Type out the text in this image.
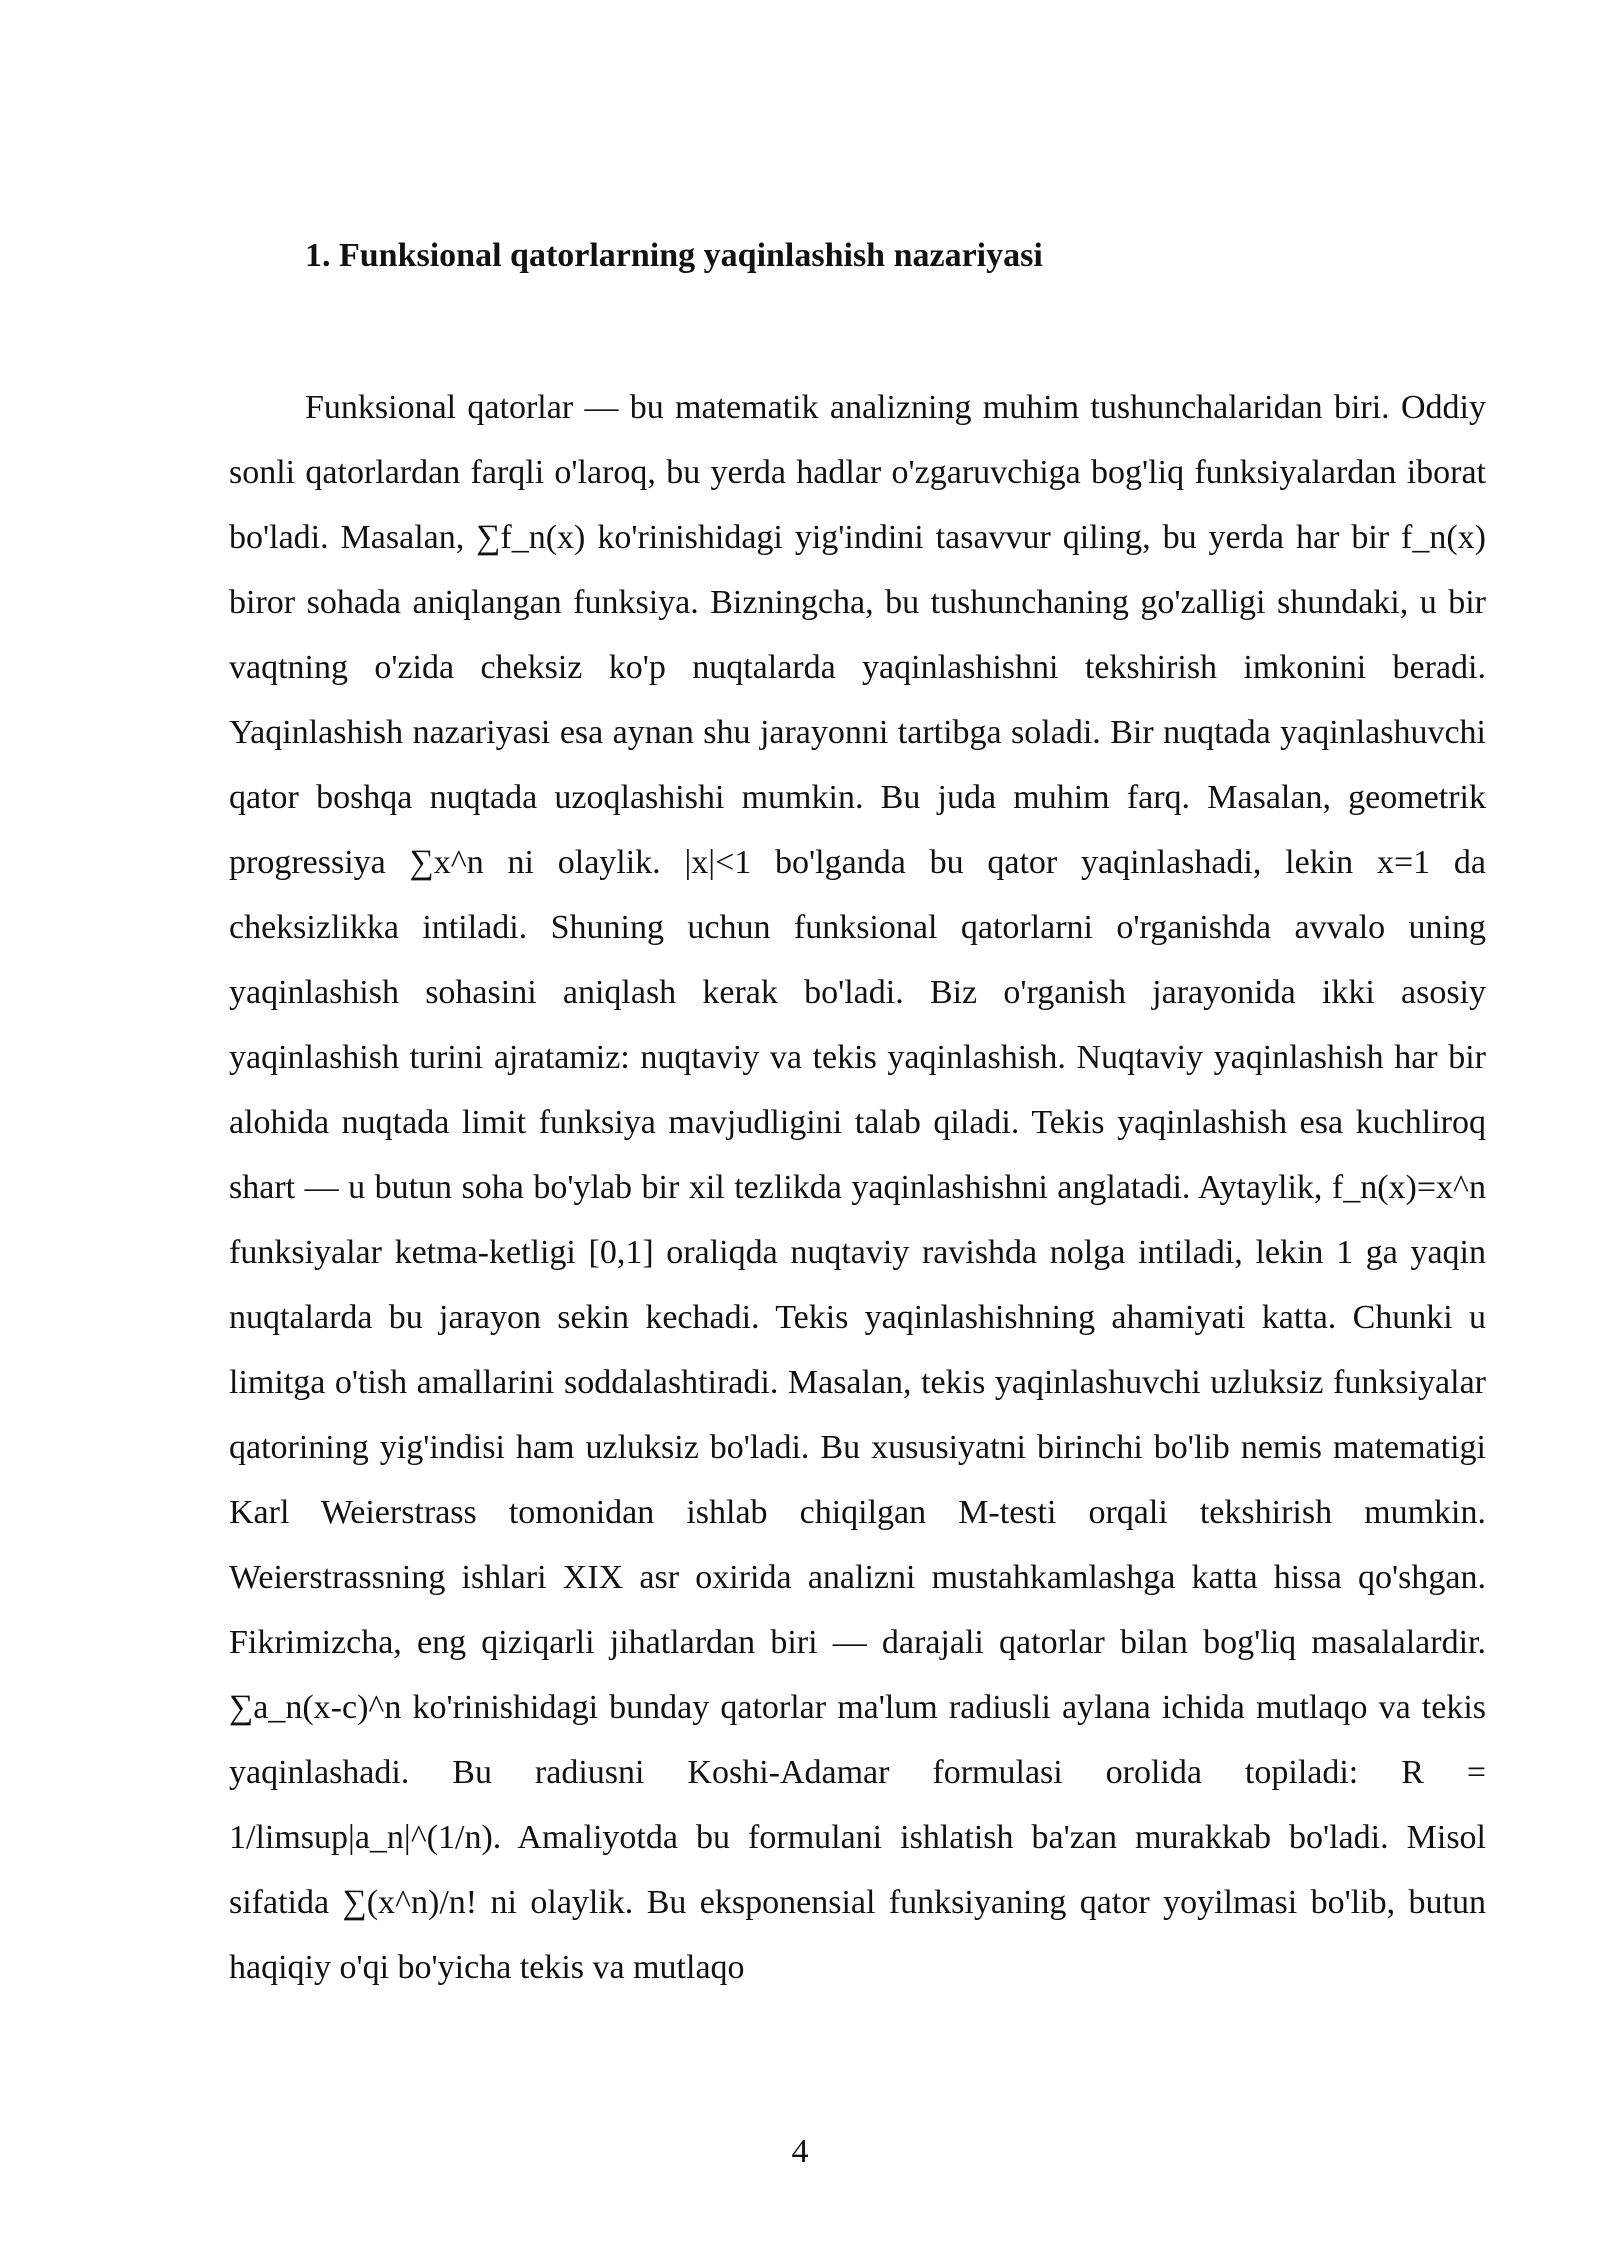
1. Funksional qatorlarning yaqinlashish nazariyasi

Funksional qatorlar — bu matematik analizning muhim tushunchalaridan biri. Oddiy sonli qatorlardan farqli o'laroq, bu yerda hadlar o'zgaruvchiga bog'liq funksiyalardan iborat bo'ladi. Masalan, ∑f_n(x) ko'rinishidagi yig'indini tasavvur qiling, bu yerda har bir f_n(x) biror sohada aniqlangan funksiya. Bizningcha, bu tushunchaning go'zalligi shundaki, u bir vaqtning o'zida cheksiz ko'p nuqtalarda yaqinlashishni tekshirish imkonini beradi. Yaqinlashish nazariyasi esa aynan shu jarayonni tartibga soladi. Bir nuqtada yaqinlashuvchi qator boshqa nuqtada uzoqlashishi mumkin. Bu juda muhim farq. Masalan, geometrik progressiya ∑x^n ni olaylik. |x|<1 bo'lganda bu qator yaqinlashadi, lekin x=1 da cheksizlikka intiladi. Shuning uchun funksional qatorlarni o'rganishda avvalo uning yaqinlashish sohasini aniqlash kerak bo'ladi. Biz o'rganish jarayonida ikki asosiy yaqinlashish turini ajratamiz: nuqtaviy va tekis yaqinlashish. Nuqtaviy yaqinlashish har bir alohida nuqtada limit funksiya mavjudligini talab qiladi. Tekis yaqinlashish esa kuchliroq shart — u butun soha bo'ylab bir xil tezlikda yaqinlashishni anglatadi. Aytaylik, f_n(x)=x^n funksiyalar ketma-ketligi [0,1] oraliqda nuqtaviy ravishda nolga intiladi, lekin 1 ga yaqin nuqtalarda bu jarayon sekin kechadi. Tekis yaqinlashishning ahamiyati katta. Chunki u limitga o'tish amallarini soddalashtiradi. Masalan, tekis yaqinlashuvchi uzluksiz funksiyalar qatorining yig'indisi ham uzluksiz bo'ladi. Bu xususiyatni birinchi bo'lib nemis matematigi Karl Weierstrass tomonidan ishlab chiqilgan M-testi orqali tekshirish mumkin. Weierstrassning ishlari XIX asr oxirida analizni mustahkamlashga katta hissa qo'shgan. Fikrimizcha, eng qiziqarli jihatlardan biri — darajali qatorlar bilan bog'liq masalalardir. ∑a_n(x-c)^n ko'rinishidagi bunday qatorlar ma'lum radiusli aylana ichida mutlaqo va tekis yaqinlashadi. Bu radiusni Koshi-Adamar formulasi orolida topiladi: R = 1/limsup|a_n|^(1/n). Amaliyotda bu formulani ishlatish ba'zan murakkab bo'ladi. Misol sifatida ∑(x^n)/n! ni olaylik. Bu eksponensial funksiyaning qator yoyilmasi bo'lib, butun haqiqiy o'qi bo'yicha tekis va mutlaqo

4
